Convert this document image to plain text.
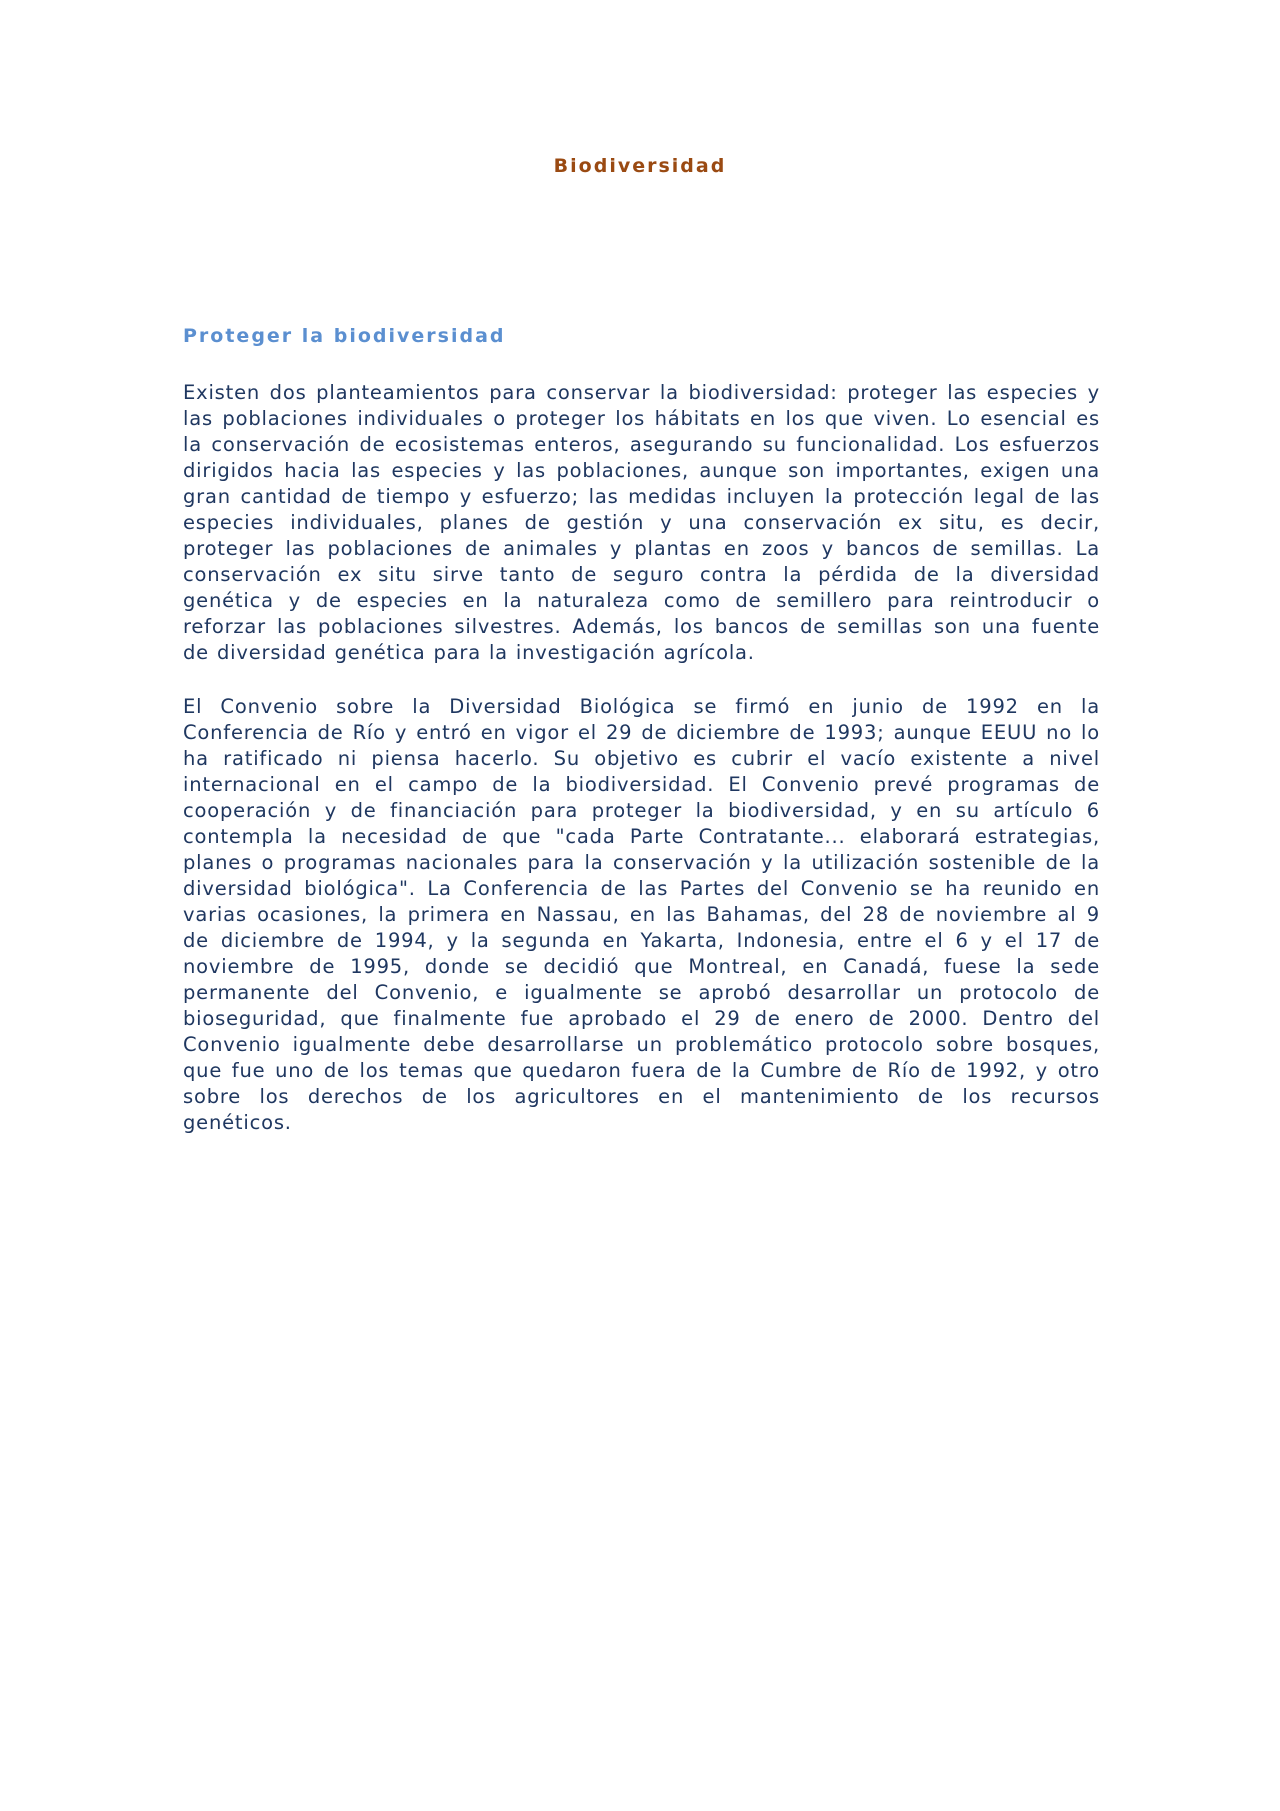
Biodiversidad
Proteger la biodiversidad

Existen dos planteamientos para conservar la biodiversidad: proteger las especies y las poblaciones individuales o proteger los hábitats en los que viven. Lo esencial es la conservación de ecosistemas enteros, asegurando su funcionalidad. Los esfuerzos dirigidos hacia las especies y las poblaciones, aunque son importantes, exigen una gran cantidad de tiempo y esfuerzo; las medidas incluyen la protección legal de las especies individuales, planes de gestión y una conservación ex situ, es decir, proteger las poblaciones de animales y plantas en zoos y bancos de semillas. La conservación ex situ sirve tanto de seguro contra la pérdida de la diversidad genética y de especies en la naturaleza como de semillero para reintroducir o reforzar las poblaciones silvestres. Además, los bancos de semillas son una fuente de diversidad genética para la investigación agrícola.

El Convenio sobre la Diversidad Biológica se firmó en junio de 1992 en la Conferencia de Río y entró en vigor el 29 de diciembre de 1993; aunque EEUU no lo ha ratificado ni piensa hacerlo. Su objetivo es cubrir el vacío existente a nivel internacional en el campo de la biodiversidad. El Convenio prevé programas de cooperación y de financiación para proteger la biodiversidad, y en su artículo 6 contempla la necesidad de que "cada Parte Contratante... elaborará estrategias, planes o programas nacionales para la conservación y la utilización sostenible de la diversidad biológica". La Conferencia de las Partes del Convenio se ha reunido en varias ocasiones, la primera en Nassau, en las Bahamas, del 28 de noviembre al 9 de diciembre de 1994, y la segunda en Yakarta, Indonesia, entre el 6 y el 17 de noviembre de 1995, donde se decidió que Montreal, en Canadá, fuese la sede permanente del Convenio, e igualmente se aprobó desarrollar un protocolo de bioseguridad, que finalmente fue aprobado el 29 de enero de 2000. Dentro del Convenio igualmente debe desarrollarse un problemático protocolo sobre bosques, que fue uno de los temas que quedaron fuera de la Cumbre de Río de 1992, y otro sobre los derechos de los agricultores en el mantenimiento de los recursos genéticos.
